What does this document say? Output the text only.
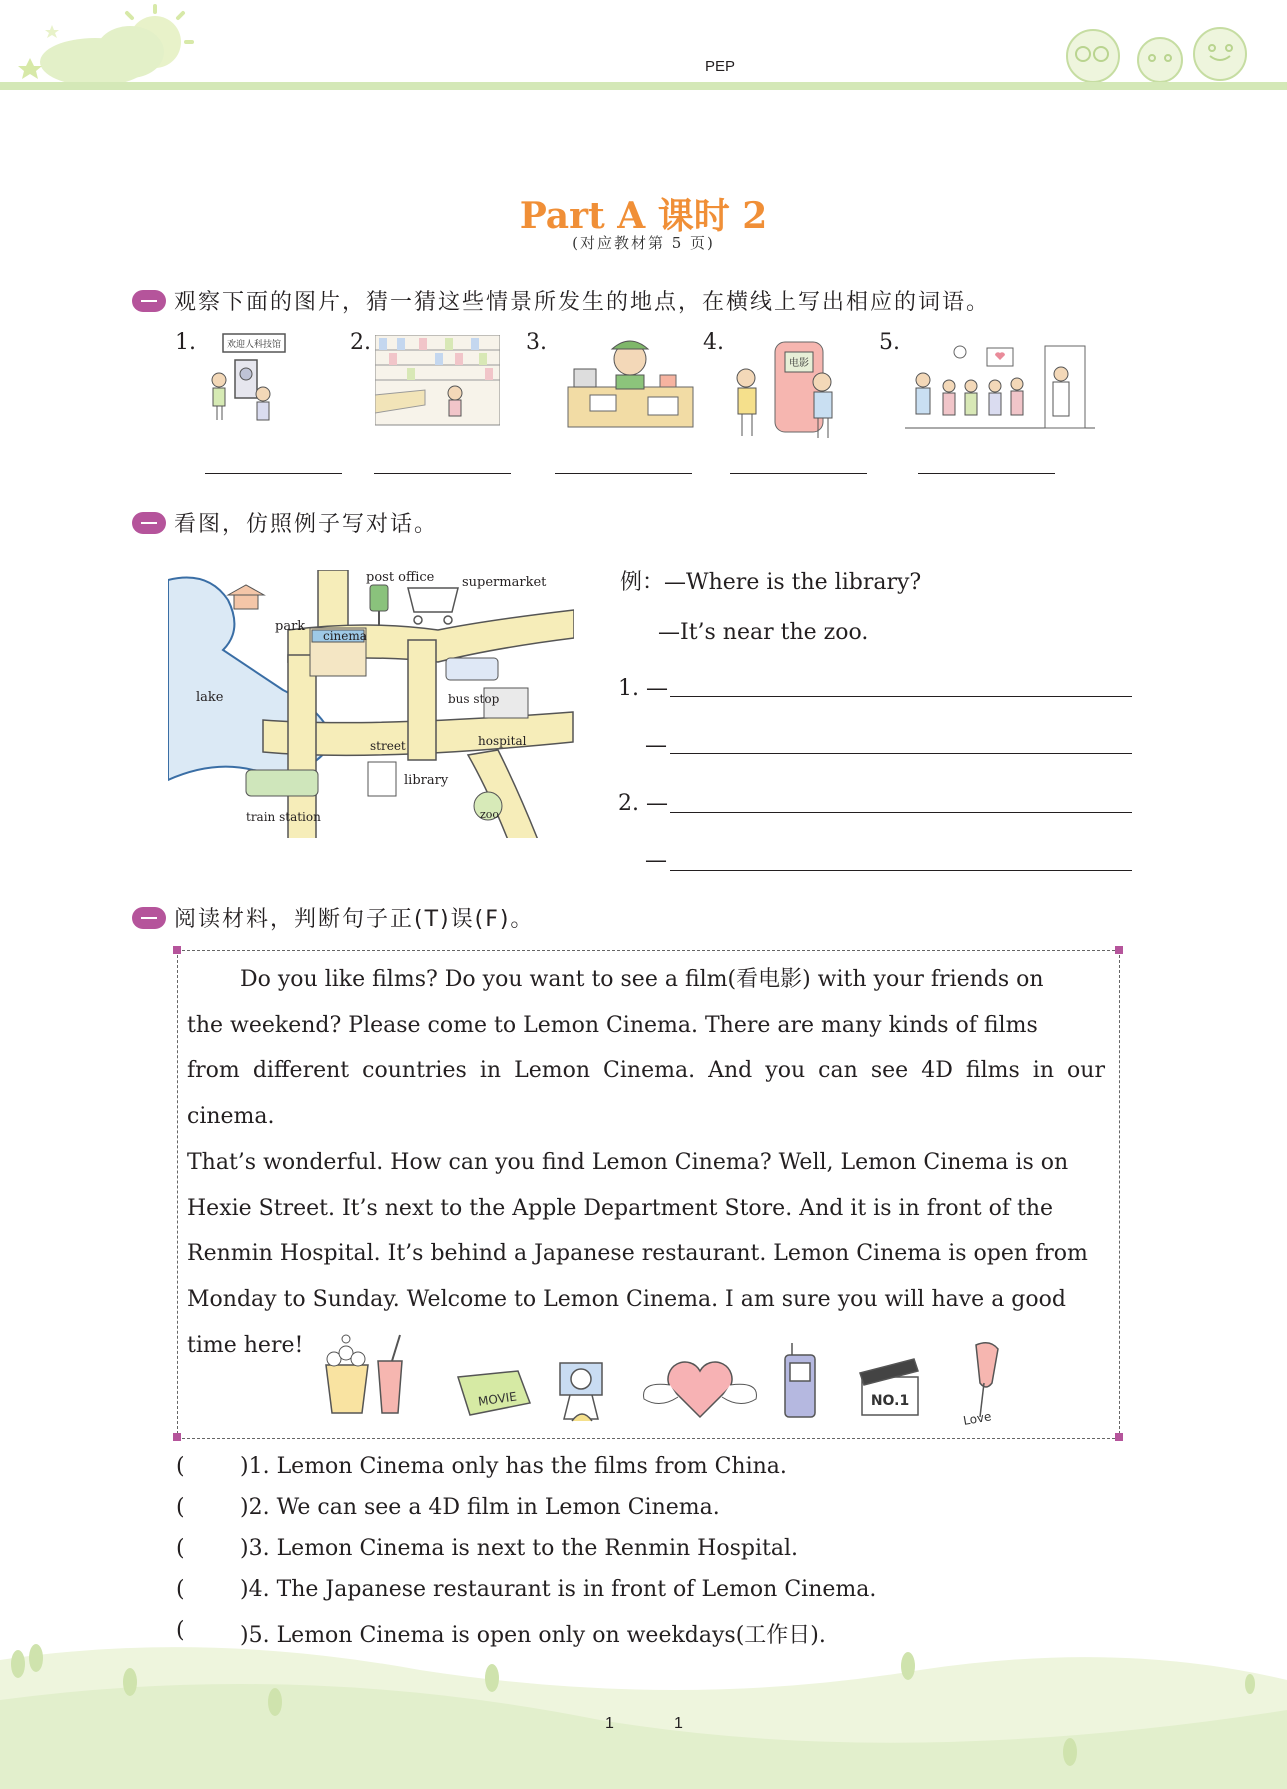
PEP
Part A 课时 2
(对应教材第 5 页)
观察下面的图片，猜一猜这些情景所发生的地点，在横线上写出相应的词语。
1.	2.	3.	4.	5.
欢迎人科技馆
电影
看图，仿照例子写对话。
post office supermarket
park
lake
cinema
bus stop
hospital
street
library
train station	zoo
例：—Where is the library?
—It’s near the zoo.
1. —
—
2. —
—
阅读材料，判断句子正(T)误(F)。
Do you like films? Do you want to see a film(看电影) with your friends on
the weekend? Please come to Lemon Cinema. There are many kinds of films
from different countries in Lemon Cinema. And you can see 4D films in our cinema.
That’s wonderful. How can you find Lemon Cinema? Well, Lemon Cinema is on
Hexie Street. It’s next to the Apple Department Store. And it is in front of the
Renmin Hospital. It’s behind a Japanese restaurant. Lemon Cinema is open from
Monday to Sunday. Welcome to Lemon Cinema. I am sure you will have a good
time here!
MOVIE	NO.1
Love
(	)1. Lemon Cinema only has the films from China.
(	)2. We can see a 4D film in Lemon Cinema.
(	)3. Lemon Cinema is next to the Renmin Hospital.
(	)4. The Japanese restaurant is in front of Lemon Cinema.
(	)5. Lemon Cinema is open only on weekdays(工作日).
1	1
